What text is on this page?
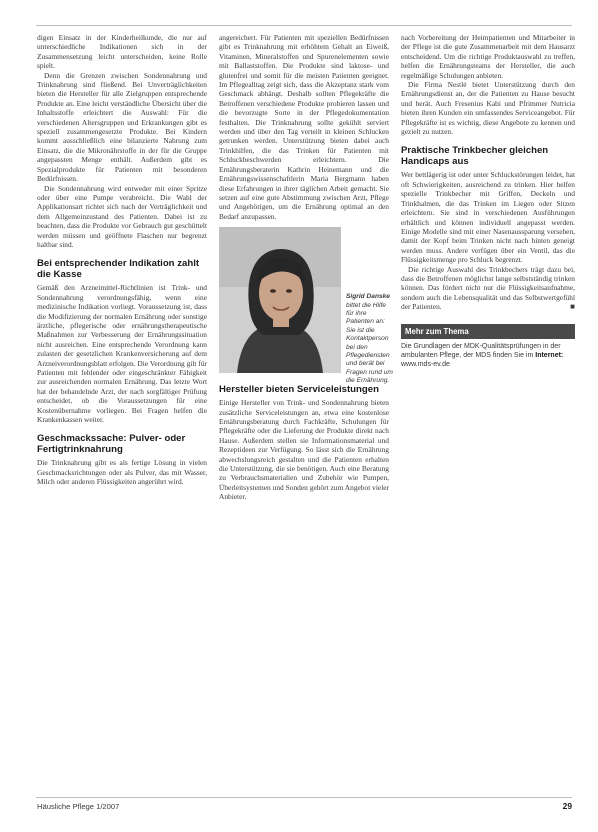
digen Einsatz in der Kinderheilkunde, die nur auf unterschiedliche Indikationen sich in der Zusammensetzung leicht unterscheiden, keine Rolle spielt.

Denn die Grenzen zwischen Sondennahrung und Trinknahrung sind fließend. Bei Unverträglichkeiten bieten die Hersteller für alle Zielgruppen entsprechende Produkte an. Eine leicht verständliche Übersicht über die Inhaltsstoffe erleichtert die Auswahl: Für die verschiedenen Altersgruppen und Erkrankungen gibt es speziell zusammengesetzte Produkte. Bei Kindern kommt ausschließlich eine bilanzierte Nahrung zum Einsatz, die die Mikronährstoffe in der für die Gruppe angepassten Menge enthält. Außerdem gibt es Spezialprodukte für Patienten mit besonderen Bedürfnissen.

Die Sondennahrung wird entweder mit einer Spritze oder über eine Pumpe verabreicht. Die Wahl der Applikationsart richtet sich nach der Verträglichkeit und dem Allgemeinzustand des Patienten. Dabei ist zu beachten, dass die Produkte vor Gebrauch gut geschüttelt werden müssen und geöffnete Flaschen nur begrenzt haltbar sind.

Bei entsprechender Indikation zahlt die Kasse

Gemäß den Arzneimittel-Richtlinien ist Trink- und Sondennahrung verordnungsfähig, wenn eine medizinische Indikation vorliegt. Voraussetzung ist, dass die Modifizierung der normalen Ernährung oder sonstige ärztliche, pflegerische oder ernährungstherapeutische Maßnahmen zur Verbesserung der Ernährungssituation nicht ausreichen. Eine entsprechende Verordnung kann zulasten der gesetzlichen Krankenversicherung auf dem Arzneiverordnungsblatt erfolgen. Die Verordnung gilt für Patienten mit fehlender oder eingeschränkter Fähigkeit zur ausreichenden normalen Ernährung. Das letzte Wort hat der behandelnde Arzt, der nach sorgfältiger Prüfung entscheidet, ob die Voraussetzungen für eine Kostenübernahme vorliegen. Bei Fragen helfen die Krankenkassen weiter.

Geschmackssache: Pulver- oder Fertigtrinknahrung

Die Trinknahrung gibt es als fertige Lösung in vielen Geschmacksrichtungen oder als Pulver, das mit Wasser, Milch oder anderen Flüssigkeiten angerührt wird.

angereichert. Für Patienten mit speziellen Bedürfnissen gibt es Trinknahrung mit erhöhtem Gehalt an Eiweiß, Vitaminen, Mineralstoffen und Spurenelementen sowie mit Ballaststoffen. Die Produkte sind laktose- und glutenfrei und somit für die meisten Patienten geeignet. Im Pflegealltag zeigt sich, dass die Akzeptanz stark vom Geschmack abhängt. Deshalb sollten Pflegekräfte die Betroffenen verschiedene Produkte probieren lassen und die bevorzugte Sorte in der Pflegedokumentation festhalten. Die Trinknahrung sollte gekühlt serviert werden und über den Tag verteilt in kleinen Schlucken getrunken werden. Unterstützung bieten dabei auch Trinkhilfen, die das Trinken für Patienten mit Schluckbeschwerden erleichtern. Die Ernährungsberaterin Kathrin Heinemann und die Ernährungswissenschaftlerin Maria Bergmann haben diese Erfahrungen in ihrer täglichen Arbeit gemacht. Sie setzen auf eine gute Abstimmung zwischen Arzt, Pflege und Angehörigen, um die Ernährung optimal an den Bedarf anzupassen.

Sigrid Danske
bittet die Hilfe für ihre Patienten an: Sie ist die Kontaktperson bei den Pflegediensten und berät bei Fragen rund um die Ernährung.
Hersteller bieten Serviceleistungen

Einige Hersteller von Trink- und Sondennahrung bieten zusätzliche Serviceleistungen an, etwa eine kostenlose Ernährungsberatung durch Fachkräfte, Schulungen für Pflegekräfte oder die Lieferung der Produkte direkt nach Hause. Außerdem stellen sie Informationsmaterial und Rezeptideen zur Verfügung. So lässt sich die Ernährung abwechslungsreich gestalten und die Patienten erhalten die Unterstützung, die sie benötigen. Auch eine Beratung zu Verbrauchsmaterialien und Zubehör wie Pumpen, Überleitsystemen und Sonden gehört zum Angebot vieler Anbieter.

nach Vorbereitung der Heimpatienten und Mitarbeiter in der Pflege ist die gute Zusammenarbeit mit dem Hausarzt entscheidend. Um die richtige Produktauswahl zu treffen, helfen die Ernährungsteams der Hersteller, die auch regelmäßige Schulungen anbieten.

Die Firma Nestlé bietet Unterstützung durch den Ernährungsdienst an, der die Patienten zu Hause besucht und berät. Auch Fresenius Kabi und Pfrimmer Nutricia bieten ihren Kunden ein umfassendes Serviceangebot. Für Pflegekräfte ist es wichtig, diese Angebote zu kennen und gezielt zu nutzen.

Praktische Trinkbecher gleichen Handicaps aus

Wer bettlägerig ist oder unter Schluckstörungen leidet, hat oft Schwierigkeiten, ausreichend zu trinken. Hier helfen spezielle Trinkbecher mit Griffen, Deckeln und Trinkhalmen, die das Trinken im Liegen oder Sitzen erleichtern. Sie sind in verschiedenen Ausführungen erhältlich und können individuell angepasst werden. Einige Modelle sind mit einer Nasenaussparung versehen, damit der Kopf beim Trinken nicht nach hinten geneigt werden muss. Andere verfügen über ein Ventil, das die Flüssigkeitsmenge pro Schluck begrenzt.

Die richtige Auswahl des Trinkbechers trägt dazu bei, dass die Betroffenen möglichst lange selbstständig trinken können. Das fördert nicht nur die Flüssigkeitsaufnahme, sondern auch die Lebensqualität und das Selbstwertgefühl der Patienten.	■

Mehr zum Thema
Die Grundlagen der MDK-Qualitätsprüfungen in der ambulanten Pflege, der MDS finden Sie im Internet: www.mds-ev.de
Häusliche Pflege 1/2007	29
